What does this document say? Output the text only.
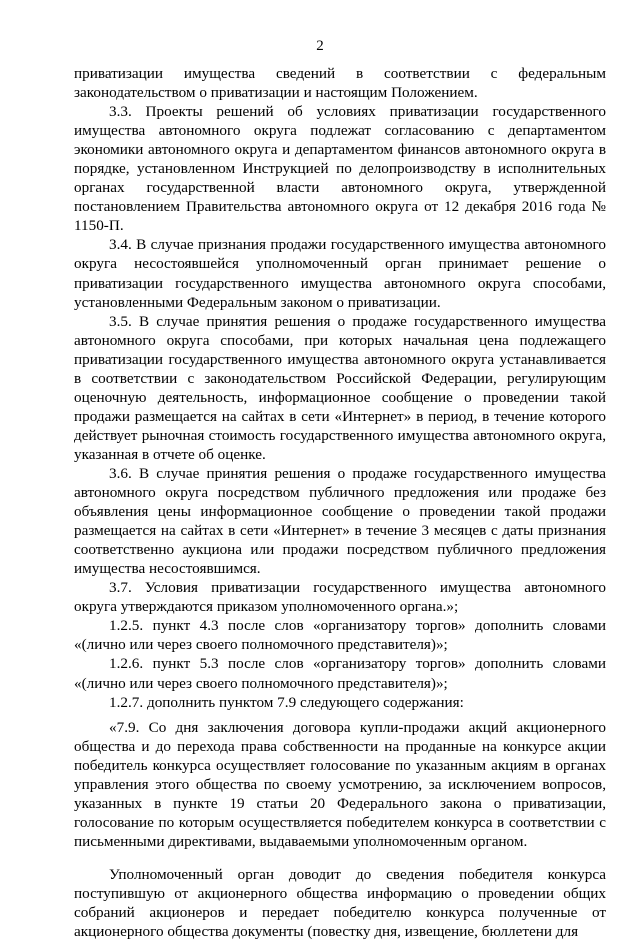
2

приватизации имущества сведений в соответствии с федеральным законодательством о приватизации и настоящим Положением.

3.3. Проекты решений об условиях приватизации государственного имущества автономного округа подлежат согласованию с департаментом экономики автономного округа и департаментом финансов автономного округа в порядке, установленном Инструкцией по делопроизводству в исполнительных органах государственной власти автономного округа, утвержденной постановлением Правительства автономного округа от 12 декабря 2016 года № 1150-П.

3.4. В случае признания продажи государственного имущества автономного округа несостоявшейся уполномоченный орган принимает решение о приватизации государственного имущества автономного округа способами, установленными Федеральным законом о приватизации.

3.5. В случае принятия решения о продаже государственного имущества автономного округа способами, при которых начальная цена подлежащего приватизации государственного имущества автономного округа устанавливается в соответствии с законодательством Российской Федерации, регулирующим оценочную деятельность, информационное сообщение о проведении такой продажи размещается на сайтах в сети «Интернет» в период, в течение которого действует рыночная стоимость государственного имущества автономного округа, указанная в отчете об оценке.

3.6. В случае принятия решения о продаже государственного имущества автономного округа посредством публичного предложения или продаже без объявления цены информационное сообщение о проведении такой продажи размещается на сайтах в сети «Интернет» в течение 3 месяцев с даты признания соответственно аукциона или продажи посредством публичного предложения имущества несостоявшимся.

3.7. Условия приватизации государственного имущества автономного округа утверждаются приказом уполномоченного органа.»;

1.2.5. пункт 4.3 после слов «организатору торгов» дополнить словами «(лично или через своего полномочного представителя)»;

1.2.6. пункт 5.3 после слов «организатору торгов» дополнить словами «(лично или через своего полномочного представителя)»;

1.2.7. дополнить пунктом 7.9 следующего содержания:

«7.9. Со дня заключения договора купли-продажи акций акционерного общества и до перехода права собственности на проданные на конкурсе акции победитель конкурса осуществляет голосование по указанным акциям в органах управления этого общества по своему усмотрению, за исключением вопросов, указанных в пункте 19 статьи 20 Федерального закона о приватизации, голосование по которым осуществляется победителем конкурса в соответствии с письменными директивами, выдаваемыми уполномоченным органом.

Уполномоченный орган доводит до сведения победителя конкурса поступившую от акционерного общества информацию о проведении общих собраний акционеров и передает победителю конкурса полученные от акционерного общества документы (повестку дня, извещение, бюллетени для
